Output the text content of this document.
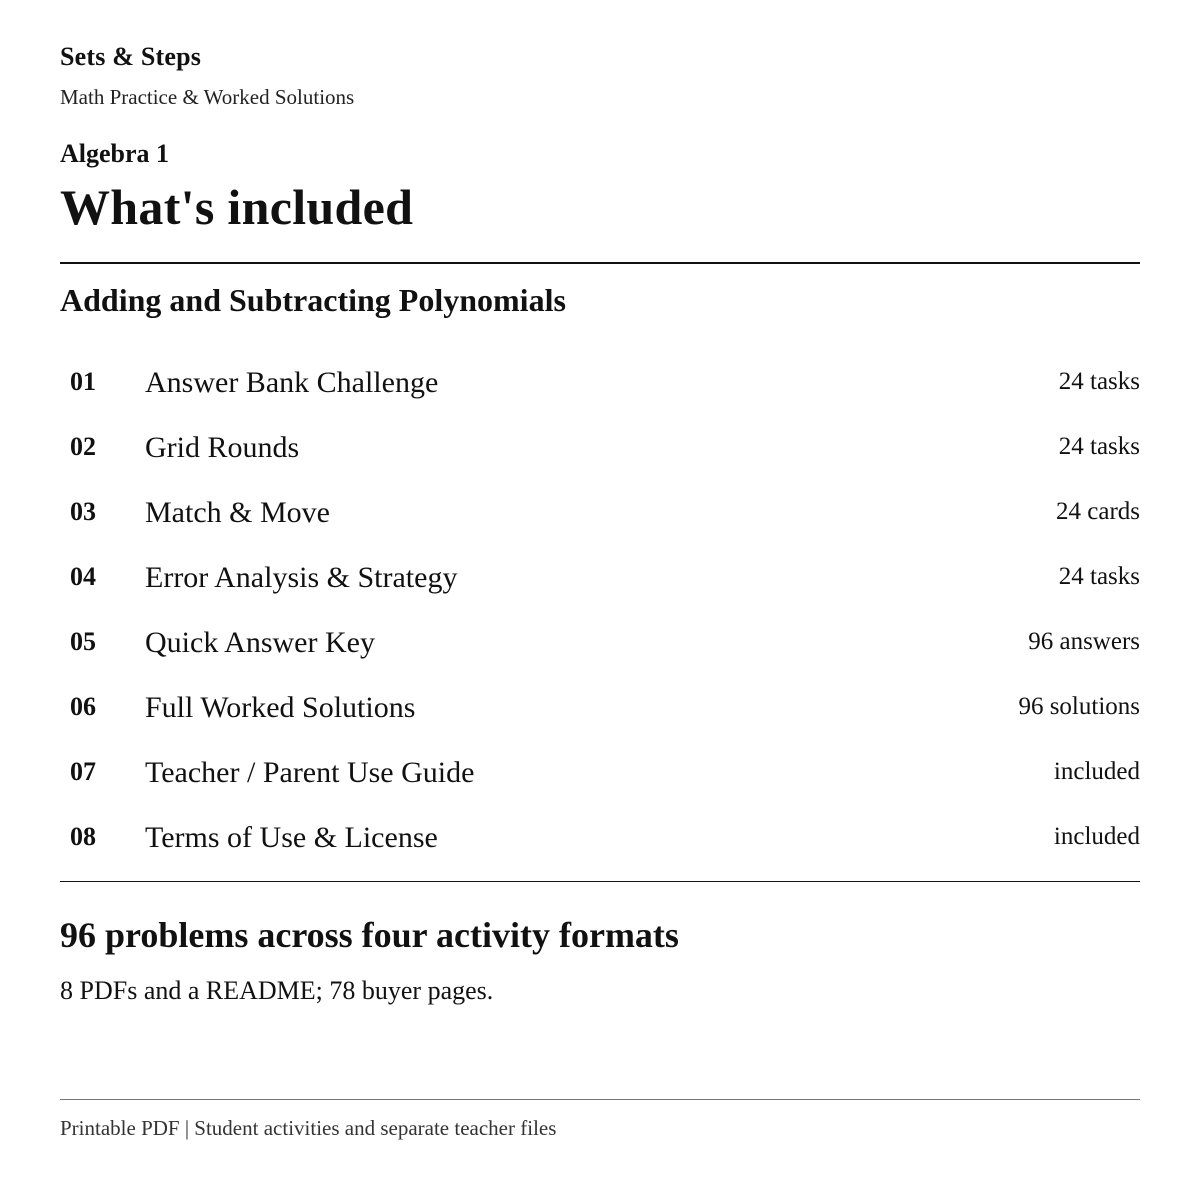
Sets & Steps
Math Practice & Worked Solutions
Algebra 1
What's included
Adding and Subtracting Polynomials
01 Answer Bank Challenge	24 tasks
02 Grid Rounds	24 tasks
03 Match & Move	24 cards
04 Error Analysis & Strategy	24 tasks
05 Quick Answer Key	96 answers
06 Full Worked Solutions	96 solutions
07 Teacher / Parent Use Guide	included
08 Terms of Use & License	included
96 problems across four activity formats
8 PDFs and a README; 78 buyer pages.
Printable PDF | Student activities and separate teacher files
